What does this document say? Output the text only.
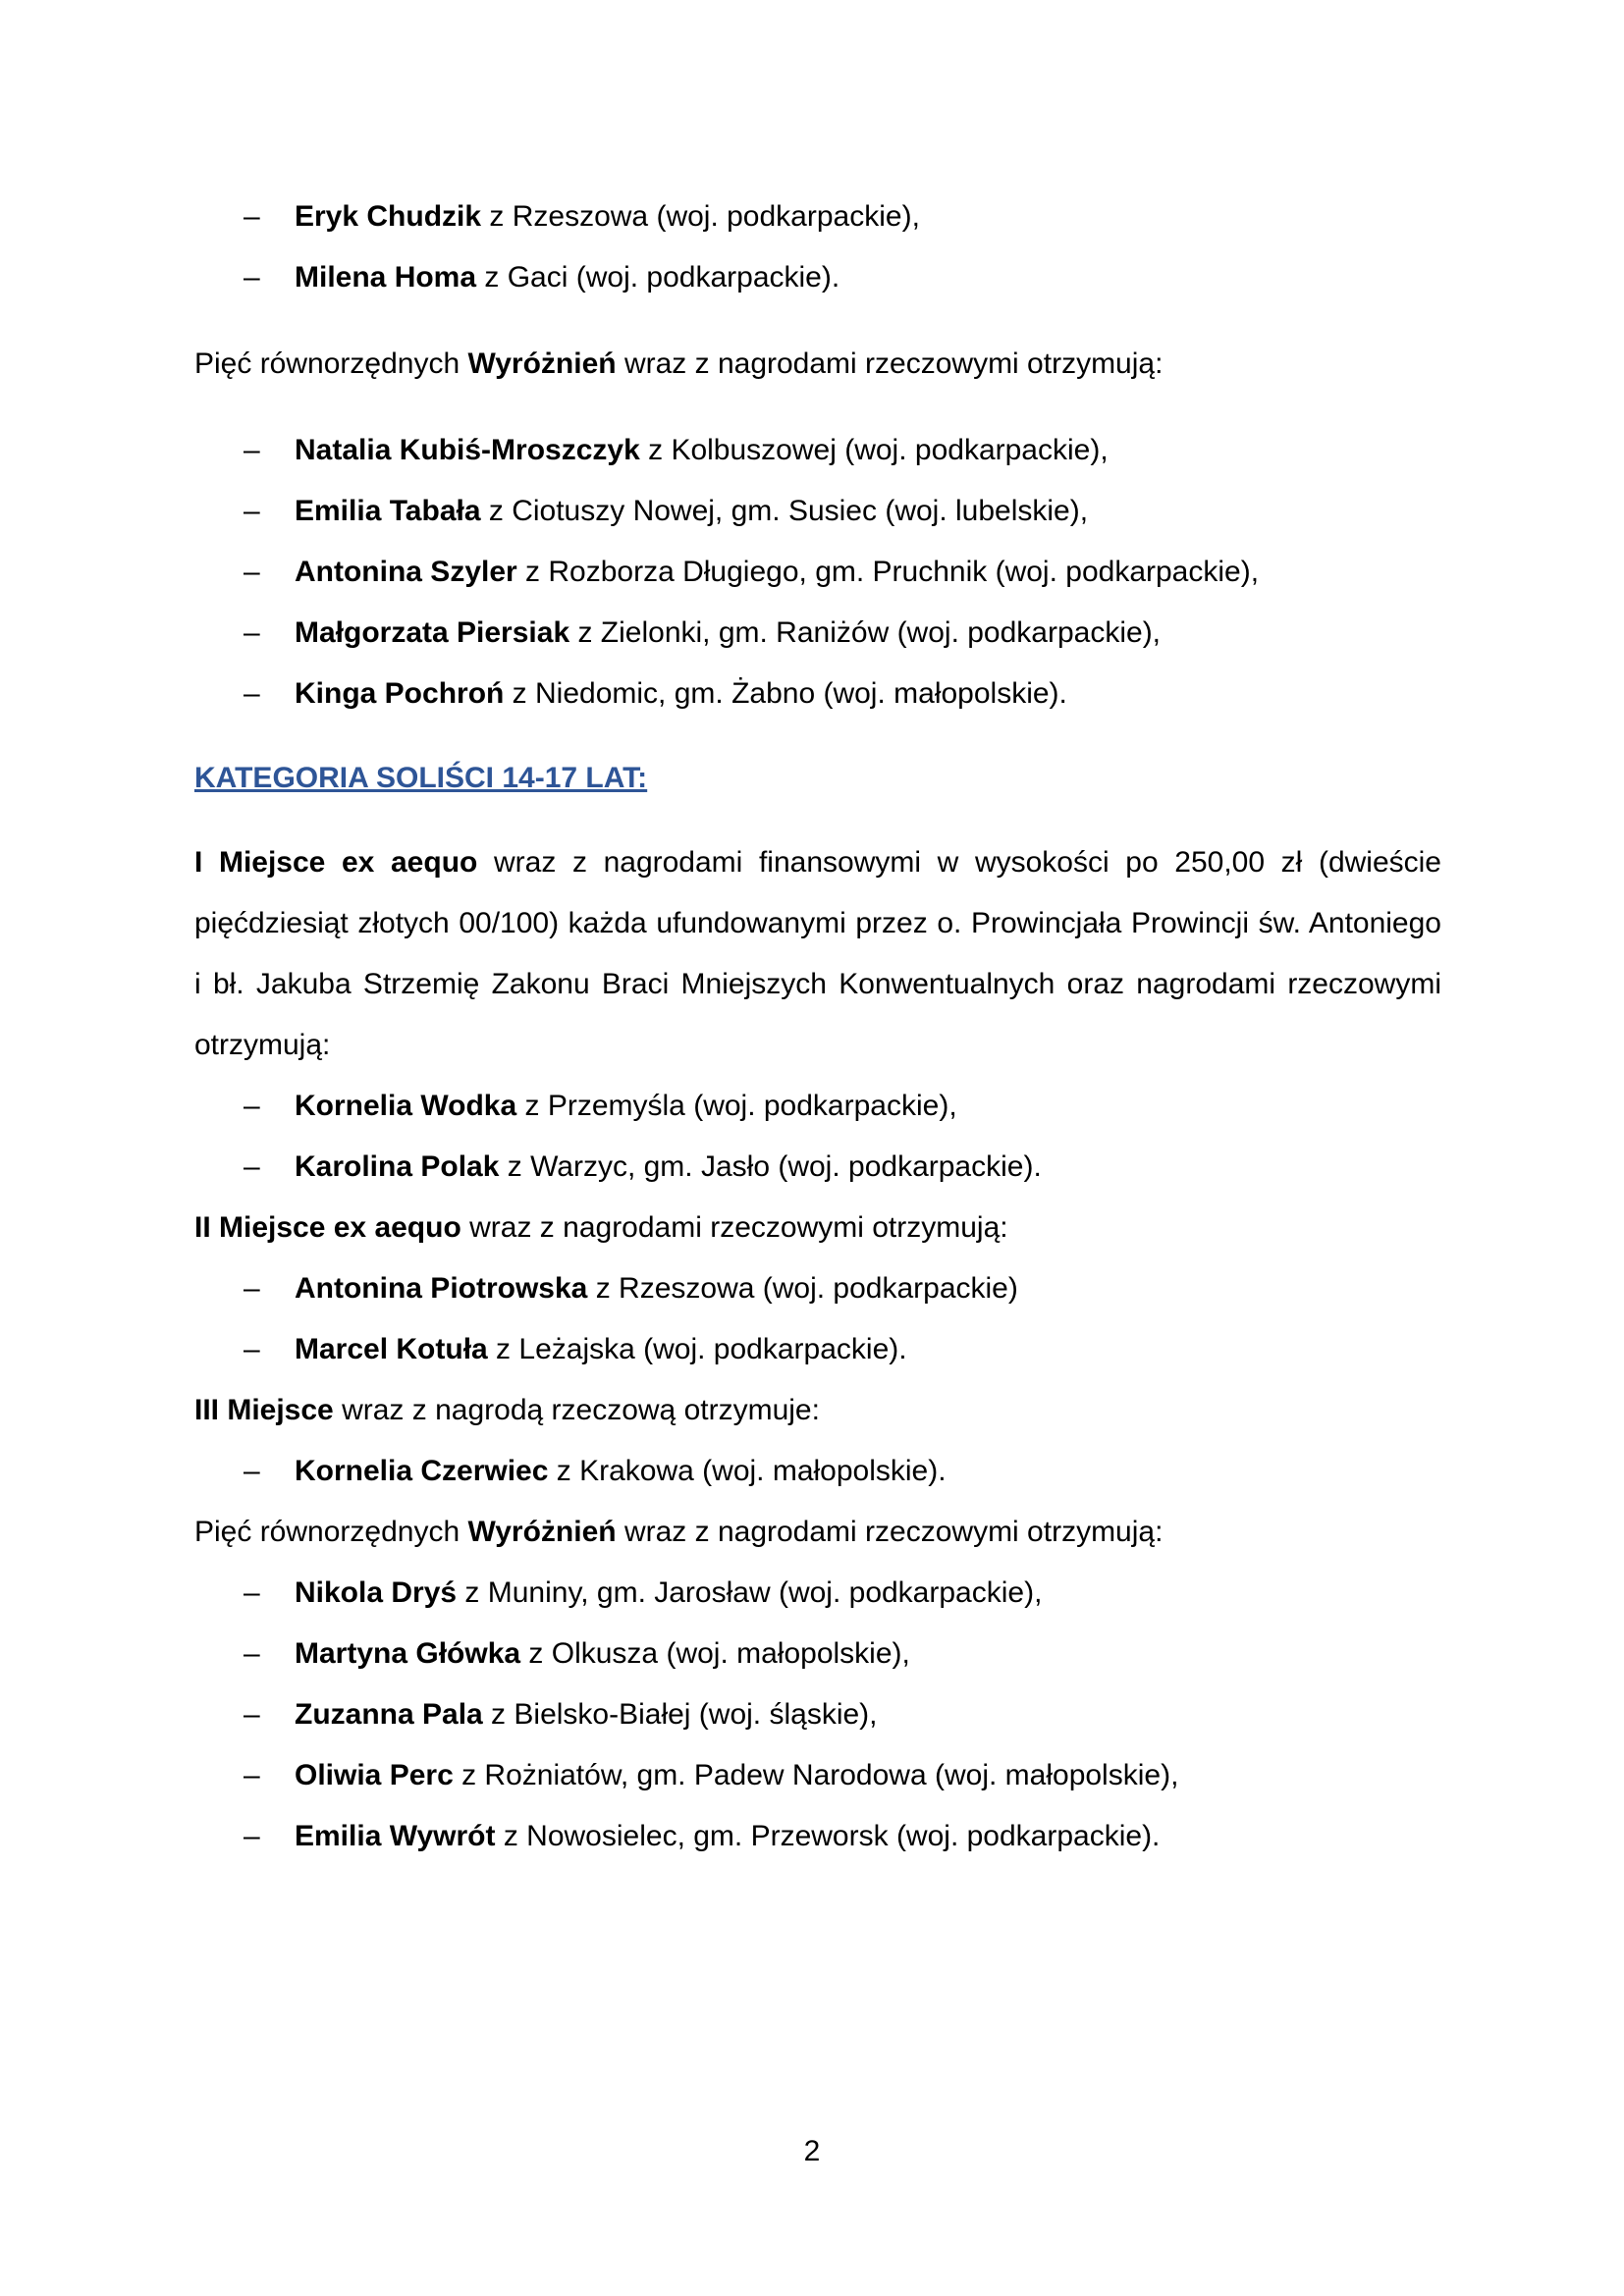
– Eryk Chudzik z Rzeszowa (woj. podkarpackie),
– Milena Homa z Gaci (woj. podkarpackie).

Pięć równorzędnych Wyróżnień wraz z nagrodami rzeczowymi otrzymują:

– Natalia Kubiś-Mroszczyk z Kolbuszowej (woj. podkarpackie),
– Emilia Tabała z Ciotuszy Nowej, gm. Susiec (woj. lubelskie),
– Antonina Szyler z Rozborza Długiego, gm. Pruchnik (woj. podkarpackie),
– Małgorzata Piersiak z Zielonki, gm. Raniżów (woj. podkarpackie),
– Kinga Pochroń z Niedomic, gm. Żabno (woj. małopolskie).

KATEGORIA SOLIŚCI 14-17 LAT:

I Miejsce ex aequo wraz z nagrodami finansowymi w wysokości po 250,00 zł (dwieście pięćdziesiąt złotych 00/100) każda ufundowanymi przez o. Prowincjała Prowincji św. Antoniego i bł. Jakuba Strzemię Zakonu Braci Mniejszych Konwentualnych oraz nagrodami rzeczowymi otrzymują:

– Kornelia Wodka z Przemyśla (woj. podkarpackie),
– Karolina Polak z Warzyc, gm. Jasło (woj. podkarpackie).

II Miejsce ex aequo wraz z nagrodami rzeczowymi otrzymują:

– Antonina Piotrowska z Rzeszowa (woj. podkarpackie)
– Marcel Kotuła z Leżajska (woj. podkarpackie).

III Miejsce wraz z nagrodą rzeczową otrzymuje:

– Kornelia Czerwiec z Krakowa (woj. małopolskie).

Pięć równorzędnych Wyróżnień wraz z nagrodami rzeczowymi otrzymują:

– Nikola Dryś z Muniny, gm. Jarosław (woj. podkarpackie),
– Martyna Główka z Olkusza (woj. małopolskie),
– Zuzanna Pala z Bielsko-Białej (woj. śląskie),
– Oliwia Perc z Rożniatów, gm. Padew Narodowa (woj. małopolskie),
– Emilia Wywrót z Nowosielec, gm. Przeworsk (woj. podkarpackie).
2
